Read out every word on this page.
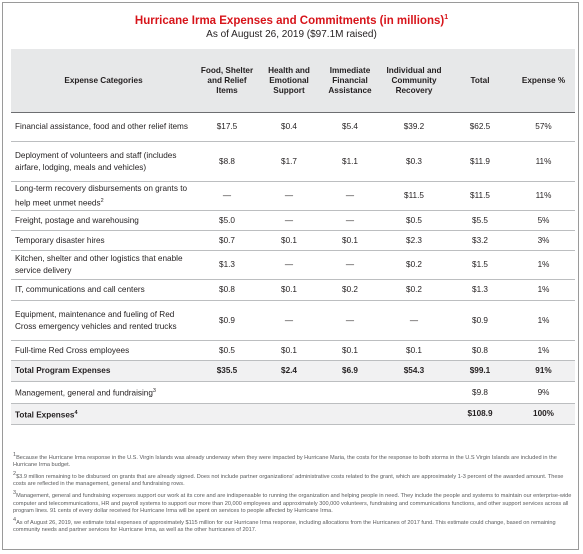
Hurricane Irma Expenses and Commitments (in millions)$^1$
As of August 26, 2019 ($97.1M raised)
Expense Categories	Food, Shelter and Relief Items	Health and Emotional Support	Immediate Financial Assistance	Individual and Community Recovery	Total	Expense %
Financial assistance, food and other relief items	$17.5	$0.4	$5.4	$39.2	$62.5	57%
Deployment of volunteers and staff (includes airfare, lodging, meals and vehicles)	$8.8	$1.7	$1.1	$0.3	$11.9	11%
Long-term recovery disbursements on grants to help meet unmet needs$^2$	—	—	—	$11.5	$11.5	11%
Freight, postage and warehousing	$5.0	—	—	$0.5	$5.5	5%
Temporary disaster hires	$0.7	$0.1	$0.1	$2.3	$3.2	3%
Kitchen, shelter and other logistics that enable service delivery	$1.3	—	—	$0.2	$1.5	1%
IT, communications and call centers	$0.8	$0.1	$0.2	$0.2	$1.3	1%
Equipment, maintenance and fueling of Red Cross emergency vehicles and rented trucks	$0.9	—	—	—	$0.9	1%
Full-time Red Cross employees	$0.5	$0.1	$0.1	$0.1	$0.8	1%
Total Program Expenses	$35.5	$2.4	$6.9	$54.3	$99.1	91%
Management, general and fundraising$^3$					$9.8	9%
Total Expenses$^4$					$108.9	100%

$^1$Because the Hurricane Irma response in the U.S. Virgin Islands was already underway when they were impacted by Hurricane Maria, the costs for the response to both storms in the U.S Virgin Islands are included in the Hurricane Irma budget.

$^2$\$3.9 million remaining to be disbursed on grants that are already signed. Does not include partner organizations' administrative costs related to the grant, which are approximately 1-3 percent of the awarded amount. These costs are reflected in the management, general and fundraising rows.

$^3$Management, general and fundraising expenses support our work at its core and are indispensable to running the organization and helping people in need. They include the people and systems to maintain our enterprise-wide computer and telecommunications, HR and payroll systems to support our more than 20,000 employees and approximately 300,000 volunteers, fundraising and communications functions, and other support services across all program lines. 91 cents of every dollar received for Hurricane Irma will be spent on services to people affected by Hurricane Irma.

$^4$As of August 26, 2019, we estimate total expenses of approximately $115 million for our Hurricane Irma response, including allocations from the Hurricanes of 2017 fund. This estimate could change, based on remaining community needs and partner services for Hurricane Irma, as well as the other hurricanes of 2017.
